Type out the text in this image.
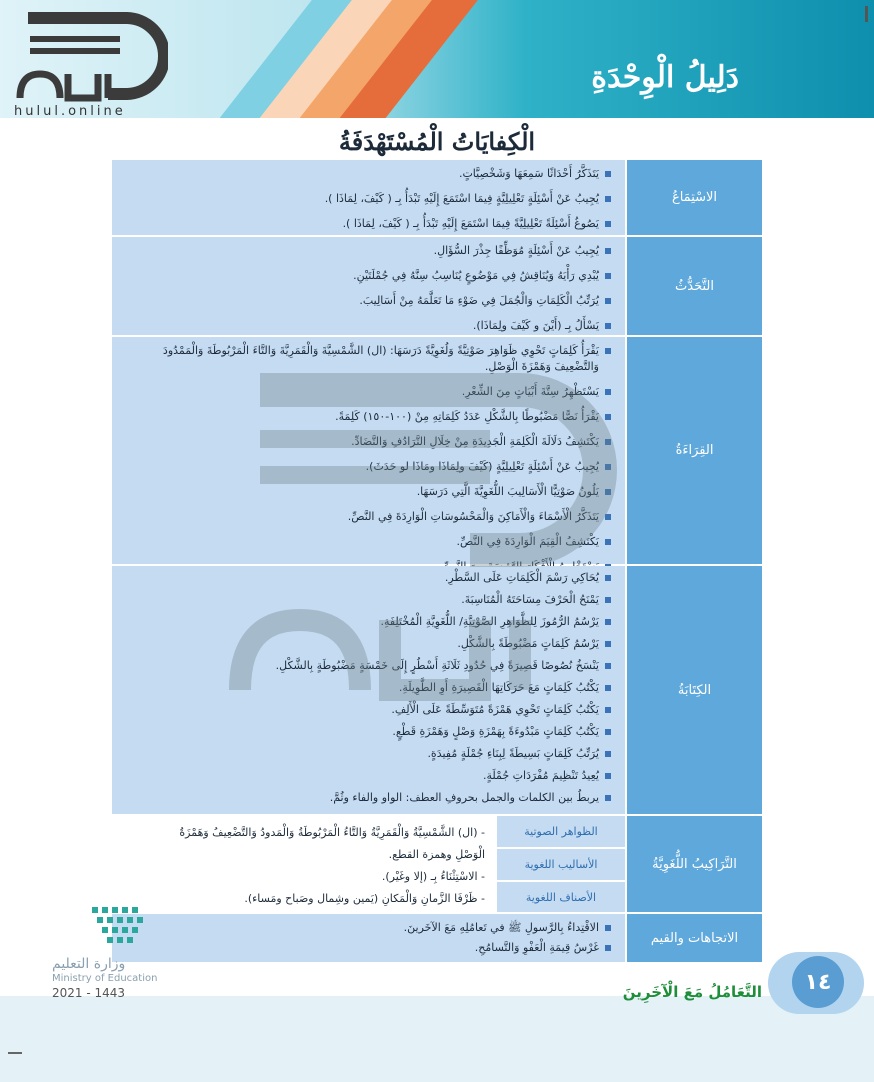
دَلِيلُ الْوِحْدَةِ
hulul.online
الْكِفايَاتُ الْمُسْتَهْدَفَةُ
الاسْتِمَاعُ
يَتَذَكَّرُ أَحْدَاثًا سَمِعَهَا وَشَخْصِيَّاتٍ.
يُجِيبُ عَنْ أَسْئِلَةٍ تَعْلِيلِيَّةٍ فِيمَا اسْتَمَعَ إِلَيْهِ تَبْدَأُ بِـ ( كَيْفَ، لِمَاذَا ).
يَصُوغُ أَسْئِلَةً تَعْلِيلِيَّةً فِيمَا اسْتَمَعَ إِلَيْهِ تَبْدَأُ بِـ ( كَيْفَ، لِمَاذَا ).
التَّحَدُّثُ
يُجِيبُ عَنْ أَسْئِلَةٍ مُوَظِّفًا جِذْرَ السُّؤَالِ.
يُبْدِي رَأْيَهُ وَيُنَاقِشُ فِي مَوْضُوعٍ يُنَاسِبُ سِنَّهُ فِي جُمْلَتَيْنِ.
يُرَتِّبُ الْكَلِمَاتِ وَالْجُمَلَ فِي ضَوْءِ مَا تَعَلَّمَهُ مِنْ أَسَالِيبَ.
يَسْأَلُ بِـ (أَيْنَ و كَيْفَ ولِمَاذَا).
القِرَاءَةُ
يَقْرَأُ كَلِمَاتٍ تَحْوِي ظَوَاهِرَ صَوْتِيَّةً وَلُغَوِيَّةً دَرَسَهَا: (ال) الشَّمْسِيَّةَ وَالْقَمَرِيَّةَ وَالتَّاءَ الْمَرْبُوطَةَ وَالْمَمْدُودَ وَالتَّضْعِيفَ وَهَمْزَةَ الْوَصْلِ.
يَسْتَظْهِرُ سِتَّةَ أَبْيَاتٍ مِنَ الشِّعْرِ.
يَقْرَأُ نَصًّا مَضْبُوطًا بِالشَّكْلِ عَدَدُ كَلِمَاتِهِ مِنْ (١٠٠-١٥٠) كَلِمَةً.
يَكْتَشِفُ دَلَالَةَ الْكَلِمَةِ الْجَدِيدَةِ مِنْ خِلَالِ التَّرَادُفِ وَالتَّضَادِّ.
يُجِيبُ عَنْ أَسْئِلَةٍ تَعْلِيلِيَّةٍ (كَيْفَ ولِمَاذَا ومَاذَا لو حَدَثَ).
يَلُونُ صَوْتِيًّا الْأَسَالِيبَ اللُّغَوِيَّةَ الَّتِي دَرَسَهَا.
يَتَذَكَّرُ الْأَسْمَاءَ وَالْأَمَاكِنَ وَالْمَحْسُوسَاتِ الْوَارِدَةَ فِي النَّصِّ.
يَكْتَشِفُ الْقِيَمَ الْوَارِدَةَ فِي النَّصِّ.
الكِتَابَةُ
يُحَاكِي رَسْمَ الْكَلِمَاتِ عَلَى السَّطْرِ.
يَمْنَحُ الْحَرْفَ مِسَاحَتَهُ الْمُنَاسِبَةَ.
يَرْسُمُ الرُّمُوزَ لِلظَّوَاهِرِ الصَّوْتِيَّةِ/ اللُّغَوِيَّةِ الْمُخْتَلِفَةِ.
يَرْسُمُ كَلِمَاتٍ مَضْبُوطَةً بِالشَّكْلِ.
يَنْسَخُ نُصُوصًا قَصِيرَةً فِي حُدُودِ ثَلَاثَةِ أَسْطُرٍ إِلَى خَمْسَةٍ مَضْبُوطَةٍ بِالشَّكْلِ.
يَكْتُبُ كَلِمَاتٍ مَعَ حَرَكَاتِهَا الْقَصِيرَةِ أَوِ الطَّوِيلَةِ.
يَكْتُبُ كَلِمَاتٍ تَحْوِي هَمْزَةً مُتَوَسِّطَةً عَلَى الْأَلِفِ.
يَكْتُبُ كَلِمَاتٍ مَبْدُوءَةً بِهَمْزَةِ وَصْلٍ وَهَمْزَةِ قَطْعٍ.
يُرَتِّبُ كَلِمَاتٍ بَسِيطَةً لِبِنَاءِ جُمْلَةٍ مُفِيدَةٍ.
يُعِيدُ تَنْظِيمَ مُفْرَدَاتِ جُمْلَةٍ.
يربطُ بين الكلمات والجمل بحروفِ العطف: الواو والفاء وثُمَّ.
التَّرَاكِيبُ اللُّغَوِيَّةُ
الظواهر الصوتية
الأساليب اللغوية
الأصناف اللغوية
- (ال) الشَّمْسِيَّةُ وَالْقَمَرِيَّةُ وَالتَّاءُ الْمَرْبُوطَةُ وَالْمَدودُ وَالتَّضْعِيفُ وَهَمْزَةُ
الْوَصْلِ وهمزة القطع.
- الاسْتِثْنَاءُ بِـ (إلا وغَيْر).
- ظَرْفَا الزَّمانِ وَالْمَكانِ (يَمين وشِمال وصَباح ومَساء).
الاتجاهات والقيم
الاقْتِداءُ بِالرَّسولِ ﷺ في تَعامُلِهِ مَعَ الآخَرينَ.
غَرْسُ قِيمَةِ الْعَفْوِ وَالتَّسامُحِ.
وزارة التعليم
Ministry of Education
2021 - 1443	١٤
التَّعَامُلُ مَعَ الْآخَرِينَ
